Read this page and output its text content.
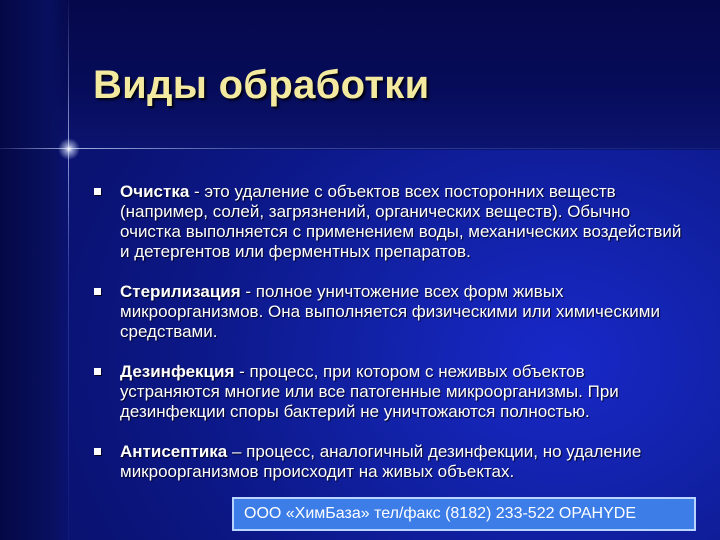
Виды обработки
Очистка - это удаление с объектов всех посторонних веществ (например, солей, загрязнений, органических веществ). Обычно очистка выполняется с применением воды, механических воздействий и детергентов или ферментных препаратов.
Стерилизация - полное уничтожение всех форм живых микроорганизмов. Она выполняется физическими или химическими средствами.
Дезинфекция - процесс, при котором с неживых объектов устраняются многие или все патогенные микроорганизмы. При дезинфекции споры бактерий не уничтожаются полностью.
Антисептика – процесс, аналогичный дезинфекции, но удаление микроорганизмов происходит на живых объектах.
ООО «ХимБаза» тел/факс (8182) 233-522 OPAHYDE
